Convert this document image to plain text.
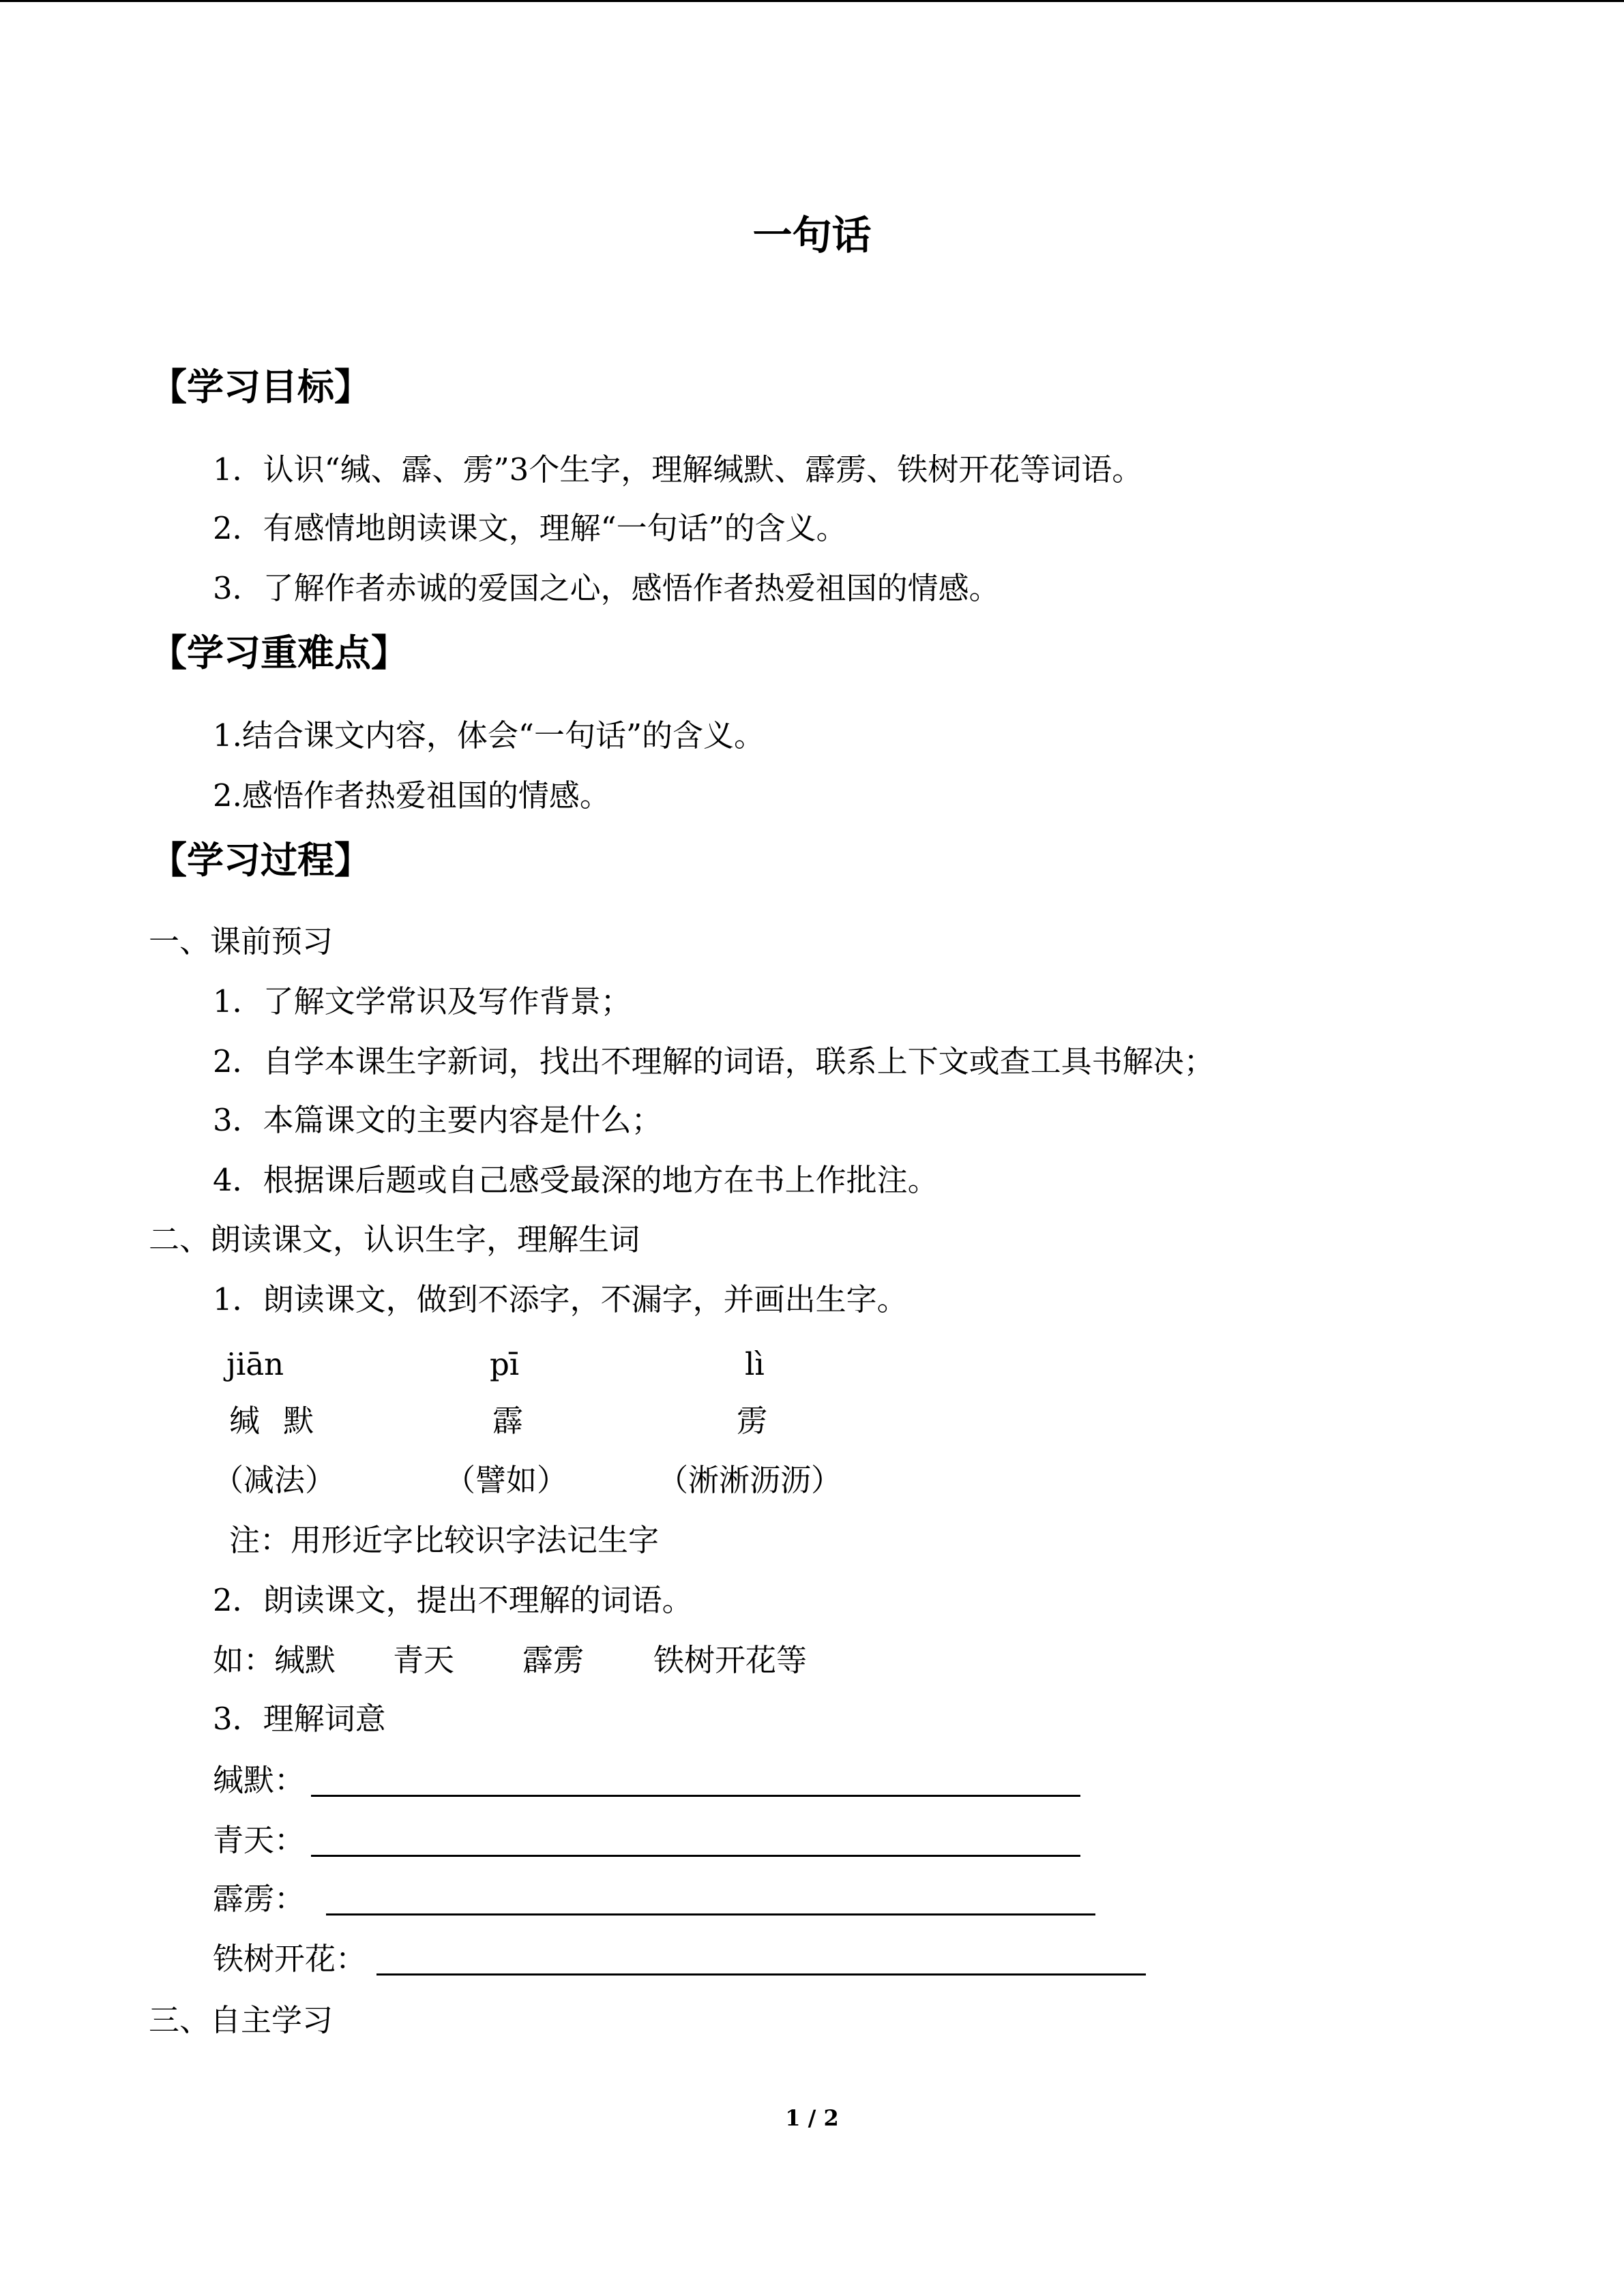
一句话
【学习目标】
1．认识“缄、霹、雳”3个生字，理解缄默、霹雳、铁树开花等词语。
2．有感情地朗读课文，理解“一句话”的含义。
3．了解作者赤诚的爱国之心，感悟作者热爱祖国的情感。
【学习重难点】
1.结合课文内容，体会“一句话”的含义。
2.感悟作者热爱祖国的情感。
【学习过程】
一、课前预习
1．了解文学常识及写作背景；
2．自学本课生字新词，找出不理解的词语，联系上下文或查工具书解决；
3．本篇课文的主要内容是什么；
4．根据课后题或自己感受最深的地方在书上作批注。
二、朗读课文，认识生字，理解生词
1．朗读课文，做到不添字，不漏字，并画出生字。
jiān	pī	lì
缄 默	霹	雳
（减法）	（譬如）	（淅淅沥沥）
注：用形近字比较识字法记生字
2．朗读课文，提出不理解的词语。
如：缄默 青天 霹雳 铁树开花等
3．理解词意
缄默：
青天：
霹雳：
铁树开花：
三、自主学习
1 / 2
